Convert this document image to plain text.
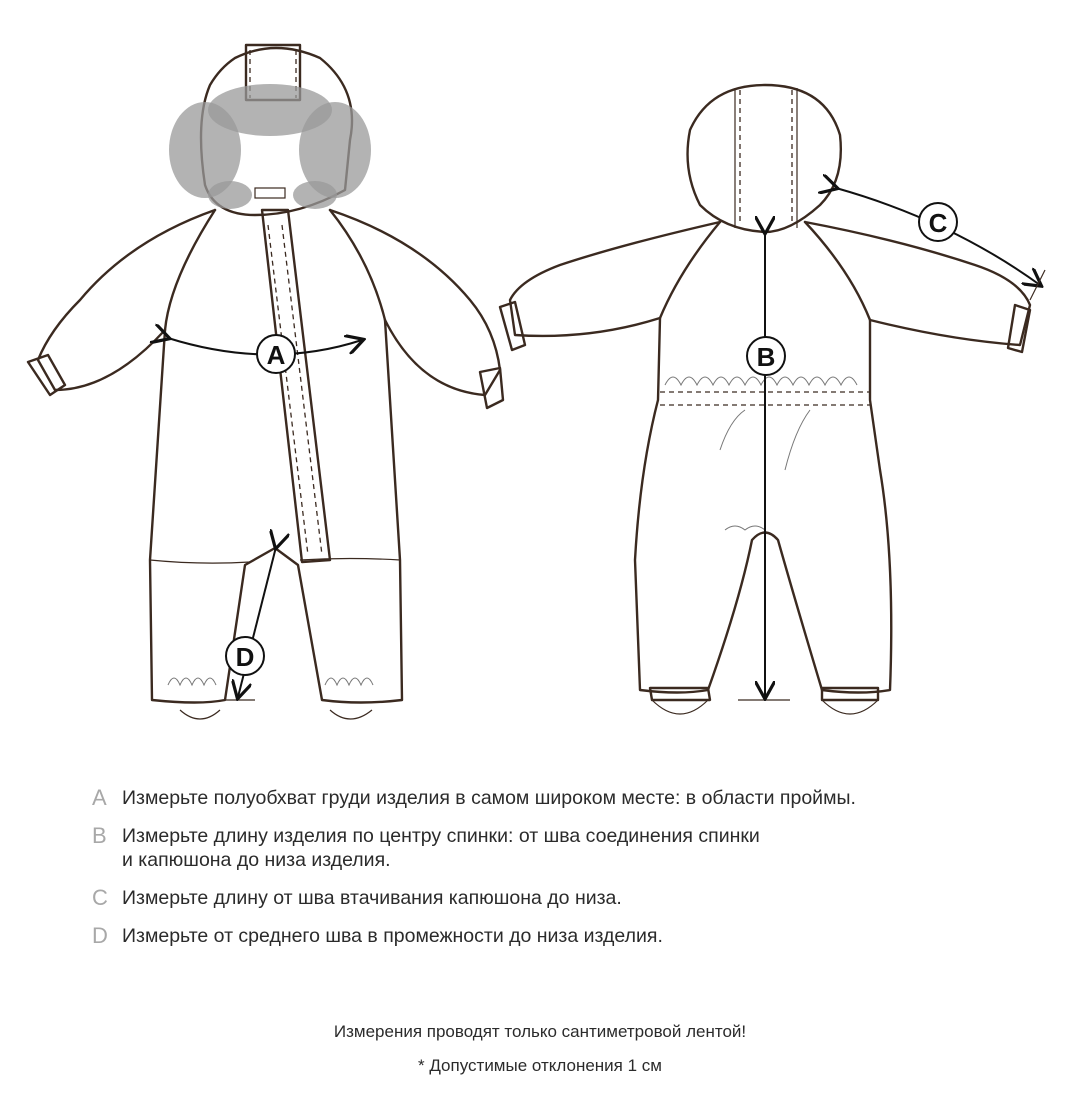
A	B
C
D
A Измерьте полуобхват груди изделия в самом широком месте: в области проймы.
B Измерьте длину изделия по центру спинки: от шва соединения спинки
и капюшона до низа изделия.
C Измерьте длину от шва втачивания капюшона до низа.
D Измерьте от среднего шва в промежности до низа изделия.
Измерения проводят только сантиметровой лентой!
* Допустимые отклонения 1 см
